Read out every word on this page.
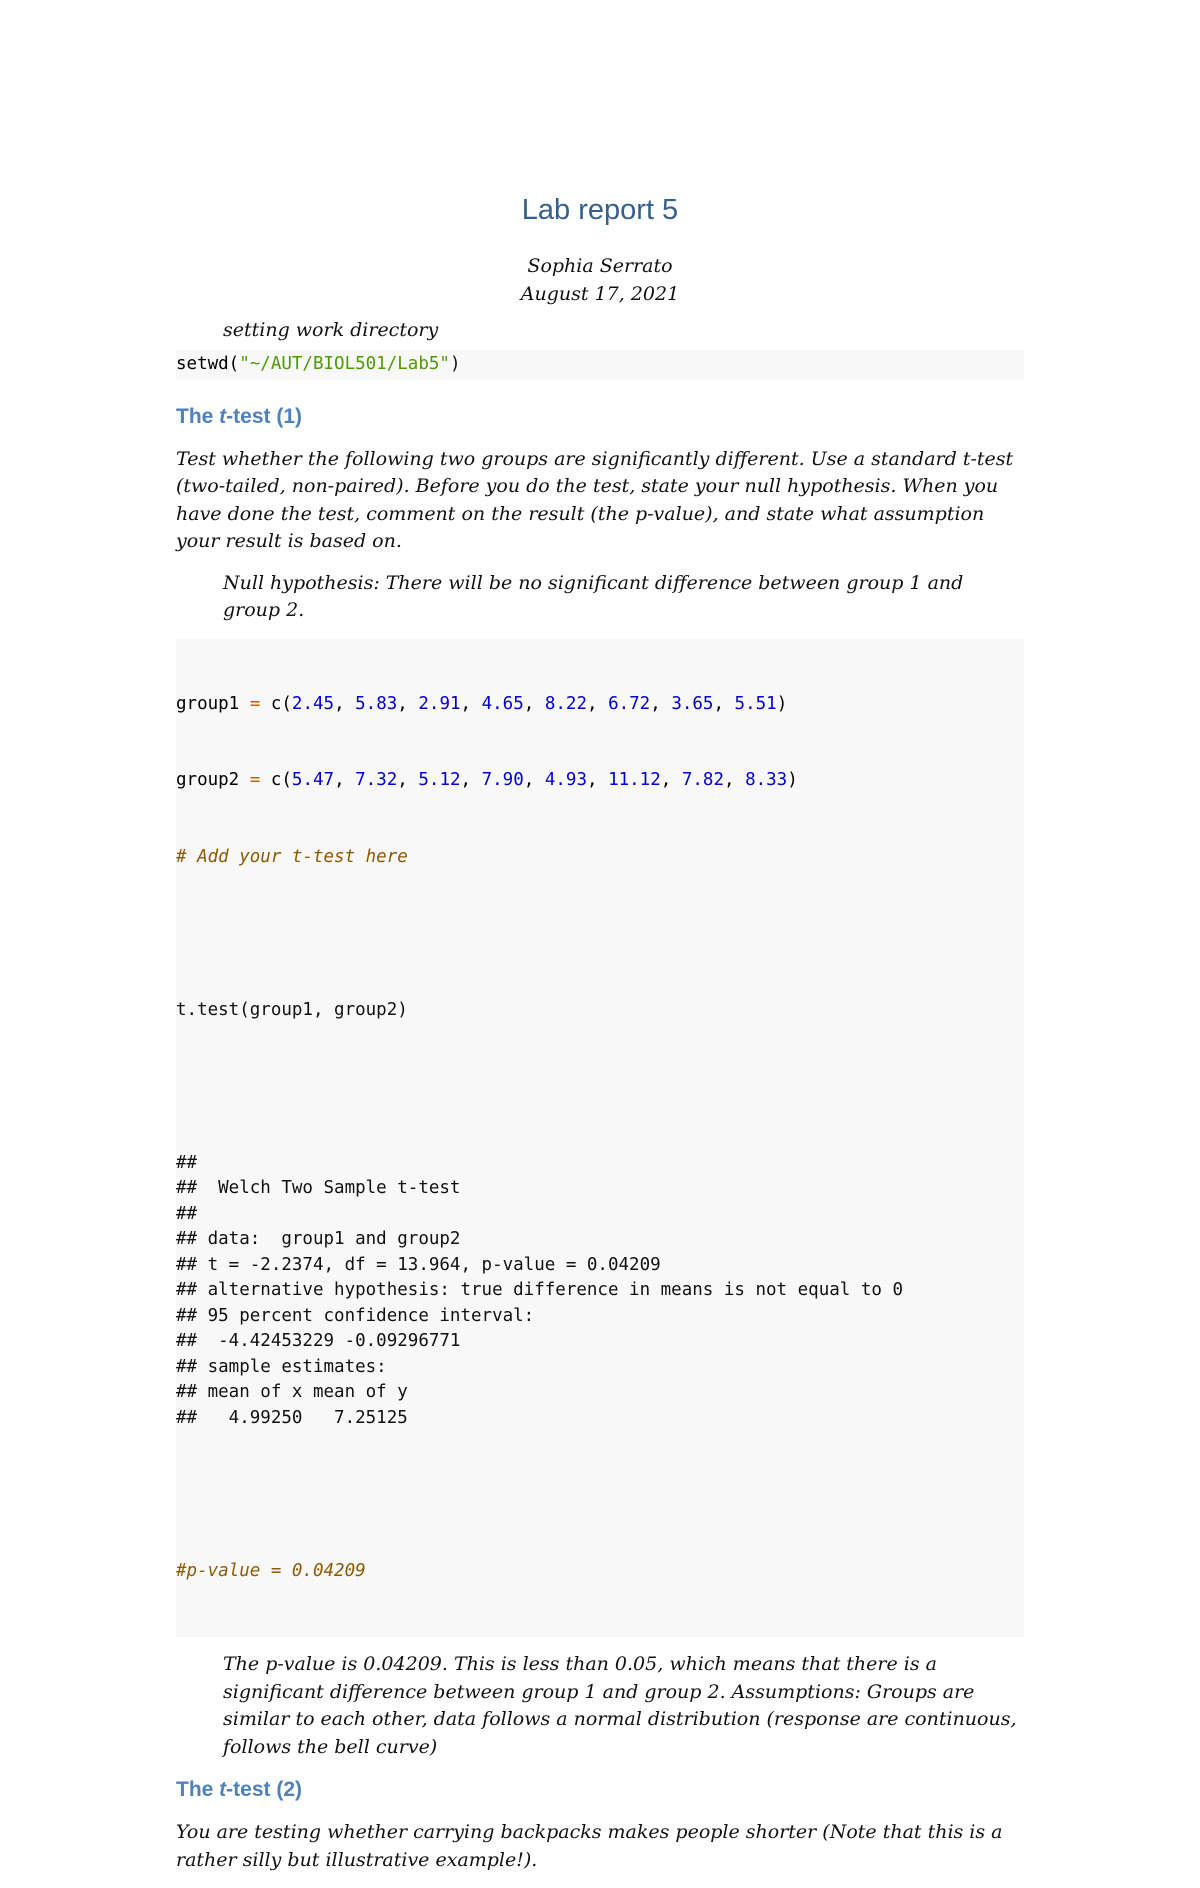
Lab report 5

Sophia Serrato

August 17, 2021

setting work directory

setwd("~/AUT/BIOL501/Lab5")
The t-test (1)

Test whether the following two groups are significantly different. Use a standard t-test (two-tailed, non-paired). Before you do the test, state your null hypothesis. When you have done the test, comment on the result (the p-value), and state what assumption your result is based on.

Null hypothesis: There will be no significant difference between group 1 and group 2.

group1 = c(2.45, 5.83, 2.91, 4.65, 8.22, 6.72, 3.65, 5.51)

group2 = c(5.47, 7.32, 5.12, 7.90, 4.93, 11.12, 7.82, 8.33)

# Add your t-test here

t.test(group1, group2)

##
##  Welch Two Sample t-test
##
## data:  group1 and group2
## t = -2.2374, df = 13.964, p-value = 0.04209
## alternative hypothesis: true difference in means is not equal to 0
## 95 percent confidence interval:
##  -4.42453229 -0.09296771
## sample estimates:
## mean of x mean of y
##   4.99250   7.25125

#p-value = 0.04209

The p-value is 0.04209. This is less than 0.05, which means that there is a significant difference between group 1 and group 2. Assumptions: Groups are similar to each other, data follows a normal distribution (response are continuous, follows the bell curve)

The t-test (2)

You are testing whether carrying backpacks makes people shorter (Note that this is a rather silly but illustrative example!).
